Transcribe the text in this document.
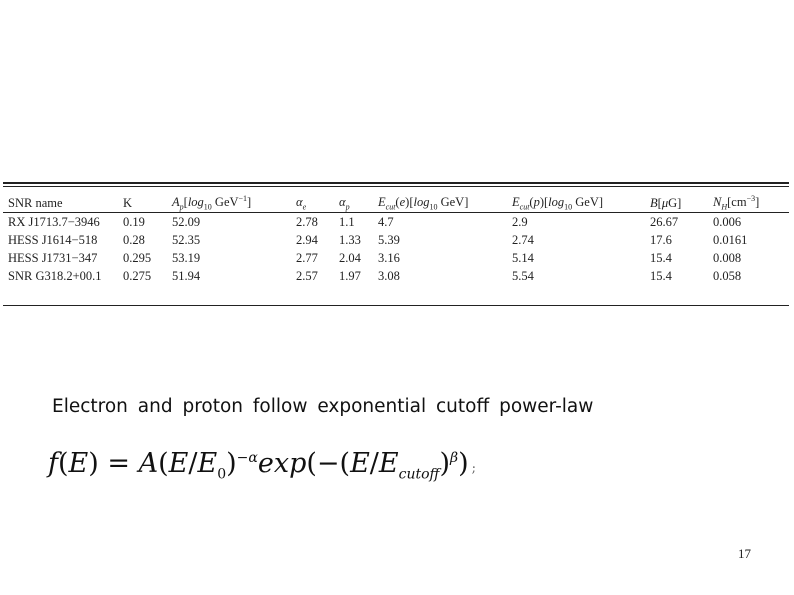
SNR name	K	$A_p[\log_{10}$ GeV$^{-1}$]	$\alpha_e$	$\alpha_p$	$E_{cut}(e)[\log_{10}$ GeV]	$E_{cut}(p)[\log_{10}$ GeV]	B[μG]	$N_H[cm^{-3}]$
RX J1713.7−3946	0.19	52.09	2.78	1.1	4.7	2.9	26.67	0.006
HESS J1614−518	0.28	52.35	2.94	1.33	5.39	2.74	17.6	0.0161
HESS J1731−347	0.295	53.19	2.77	2.04	3.16	5.14	15.4	0.008
SNR G318.2+00.1	0.275	51.94	2.57	1.97	3.08	5.54	15.4	0.058
Electron and proton follow exponential cutoff power-law
$f(E) = A(E/E_0)^{-\alpha}\exp(-(E/E_{cutoff})^\beta)$ ;
17
